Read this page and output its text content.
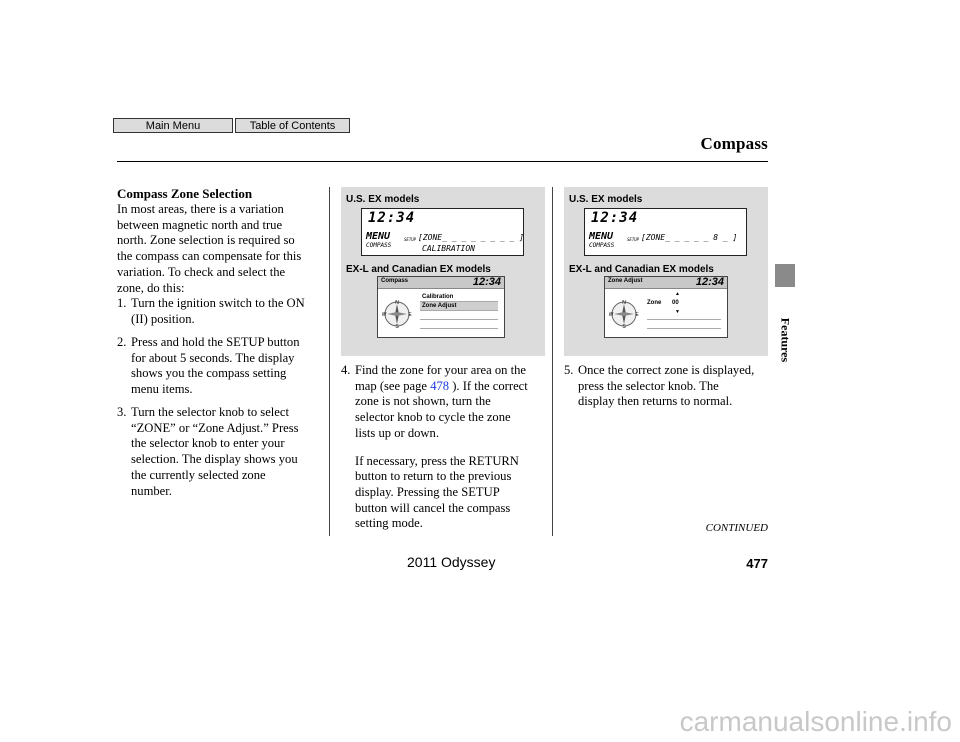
Main Menu	Table of Contents
Compass
Features
Compass Zone Selection
In most areas, there is a variation
between magnetic north and true
north. Zone selection is required so
the compass can compensate for this
variation. To check and select the
zone, do this:
1. Turn the ignition switch to the ON
(II) position.
2. Press and hold the SETUP button
for about 5 seconds. The display
shows you the compass setting
menu items.
3. Turn the selector knob to select
“ZONE” or “Zone Adjust.” Press
the selector knob to enter your
selection. The display shows you
the currently selected zone
number.
U.S. EX models
12:34
MENU
COMPASS
SETUP [ZONE_ _ _ _ _ _ _ _ ]
CALIBRATION
EX-L and Canadian EX models
Compass	12:34
N
S
E
W
Calibration
Zone Adjust
4. Find the zone for your area on the
map (see page 478 ). If the correct
zone is not shown, turn the
selector knob to cycle the zone
lists up or down.
If necessary, press the RETURN
button to return to the previous
display. Pressing the SETUP
button will cancel the compass
setting mode.
U.S. EX models
12:34
MENU
COMPASS
SETUP [ZONE_ _ _ _ _ 8 _ ]
EX-L and Canadian EX models
Zone Adjust	12:34
N
S
E
W
▲
Zone 00
▼
5. Once the correct zone is displayed,
press the selector knob. The
display then returns to normal.
CONTINUED
2011 Odyssey	477
carmanualsonline.info
